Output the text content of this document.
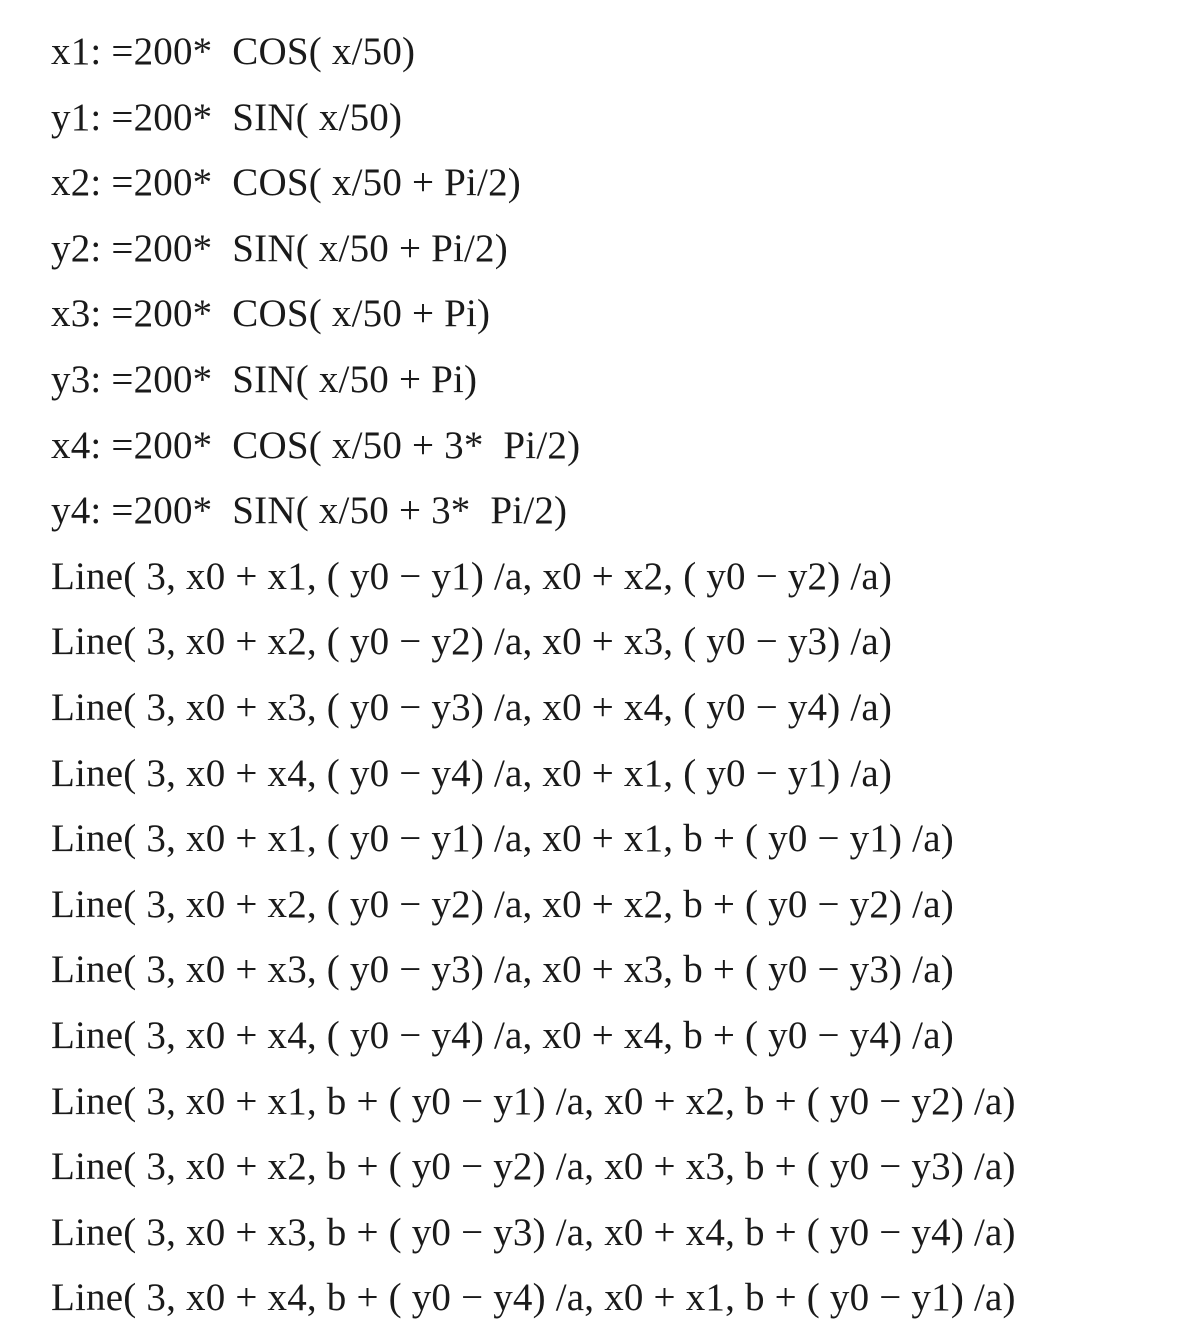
x1: =200*  COS( x/50)
y1: =200*  SIN( x/50)
x2: =200*  COS( x/50 + Pi/2)
y2: =200*  SIN( x/50 + Pi/2)
x3: =200*  COS( x/50 + Pi)
y3: =200*  SIN( x/50 + Pi)
x4: =200*  COS( x/50 + 3*  Pi/2)
y4: =200*  SIN( x/50 + 3*  Pi/2)
Line( 3, x0 + x1, ( y0 − y1) /a, x0 + x2, ( y0 − y2) /a)
Line( 3, x0 + x2, ( y0 − y2) /a, x0 + x3, ( y0 − y3) /a)
Line( 3, x0 + x3, ( y0 − y3) /a, x0 + x4, ( y0 − y4) /a)
Line( 3, x0 + x4, ( y0 − y4) /a, x0 + x1, ( y0 − y1) /a)
Line( 3, x0 + x1, ( y0 − y1) /a, x0 + x1, b + ( y0 − y1) /a)
Line( 3, x0 + x2, ( y0 − y2) /a, x0 + x2, b + ( y0 − y2) /a)
Line( 3, x0 + x3, ( y0 − y3) /a, x0 + x3, b + ( y0 − y3) /a)
Line( 3, x0 + x4, ( y0 − y4) /a, x0 + x4, b + ( y0 − y4) /a)
Line( 3, x0 + x1, b + ( y0 − y1) /a, x0 + x2, b + ( y0 − y2) /a)
Line( 3, x0 + x2, b + ( y0 − y2) /a, x0 + x3, b + ( y0 − y3) /a)
Line( 3, x0 + x3, b + ( y0 − y3) /a, x0 + x4, b + ( y0 − y4) /a)
Line( 3, x0 + x4, b + ( y0 − y4) /a, x0 + x1, b + ( y0 − y1) /a)
